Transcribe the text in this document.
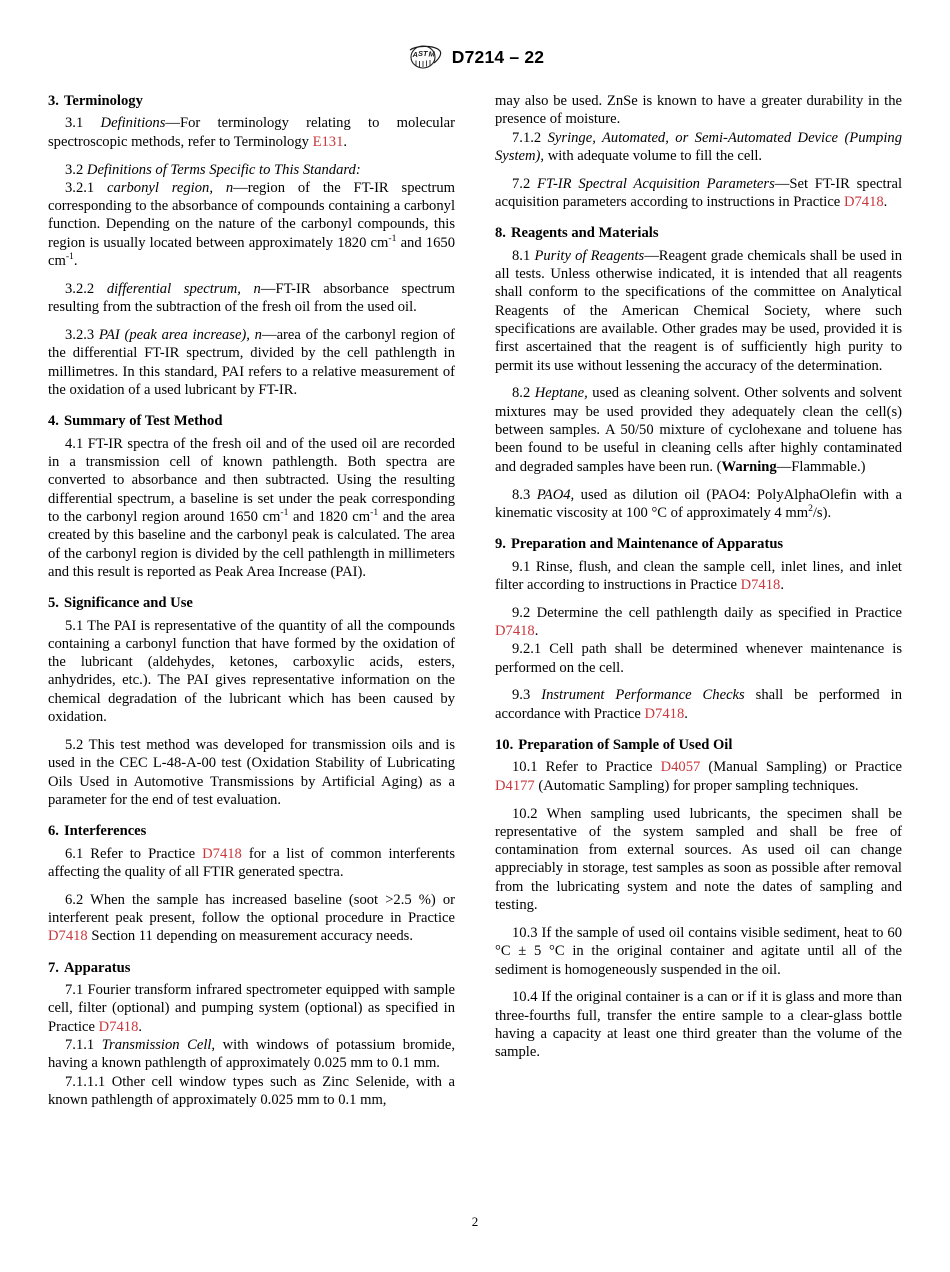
A S T M D7214 – 22
3. Terminology

3.1 Definitions—For terminology relating to molecular spectroscopic methods, refer to Terminology E131.

3.2 Definitions of Terms Specific to This Standard:

3.2.1 carbonyl region, n—region of the FT-IR spectrum corresponding to the absorbance of compounds containing a carbonyl function. Depending on the nature of the carbonyl compounds, this region is usually located between approximately 1820 $cm^{-1}$ and 1650 $cm^{-1}$.

3.2.2 differential spectrum, n—FT-IR absorbance spectrum resulting from the subtraction of the fresh oil from the used oil.

3.2.3 PAI (peak area increase), n—area of the carbonyl region of the differential FT-IR spectrum, divided by the cell pathlength in millimetres. In this standard, PAI refers to a relative measurement of the oxidation of a used lubricant by FT-IR.

4. Summary of Test Method

4.1 FT-IR spectra of the fresh oil and of the used oil are recorded in a transmission cell of known pathlength. Both spectra are converted to absorbance and then subtracted. Using the resulting differential spectrum, a baseline is set under the peak corresponding to the carbonyl region around 1650 $cm^{-1}$ and 1820 $cm^{-1}$ and the area created by this baseline and the carbonyl peak is calculated. The area of the carbonyl region is divided by the cell pathlength in millimeters and this result is reported as Peak Area Increase (PAI).

5. Significance and Use

5.1 The PAI is representative of the quantity of all the compounds containing a carbonyl function that have formed by the oxidation of the lubricant (aldehydes, ketones, carboxylic acids, esters, anhydrides, etc.). The PAI gives representative information on the chemical degradation of the lubricant which has been caused by oxidation.

5.2 This test method was developed for transmission oils and is used in the CEC L-48-A-00 test (Oxidation Stability of Lubricating Oils Used in Automotive Transmissions by Artificial Aging) as a parameter for the end of test evaluation.

6. Interferences

6.1 Refer to Practice D7418 for a list of common interferents affecting the quality of all FTIR generated spectra.

6.2 When the sample has increased baseline (soot >2.5 %) or interferent peak present, follow the optional procedure in Practice D7418 Section 11 depending on measurement accuracy needs.

7. Apparatus

7.1 Fourier transform infrared spectrometer equipped with sample cell, filter (optional) and pumping system (optional) as specified in Practice D7418.

7.1.1 Transmission Cell, with windows of potassium bromide, having a known pathlength of approximately 0.025 mm to 0.1 mm.

7.1.1.1 Other cell window types such as Zinc Selenide, with a known pathlength of approximately 0.025 mm to 0.1 mm,

may also be used. ZnSe is known to have a greater durability in the presence of moisture.

7.1.2 Syringe, Automated, or Semi-Automated Device (Pumping System), with adequate volume to fill the cell.

7.2 FT-IR Spectral Acquisition Parameters—Set FT-IR spectral acquisition parameters according to instructions in Practice D7418.

8. Reagents and Materials

8.1 Purity of Reagents—Reagent grade chemicals shall be used in all tests. Unless otherwise indicated, it is intended that all reagents shall conform to the specifications of the committee on Analytical Reagents of the American Chemical Society, where such specifications are available. Other grades may be used, provided it is first ascertained that the reagent is of sufficiently high purity to permit its use without lessening the accuracy of the determination.

8.2 Heptane, used as cleaning solvent. Other solvents and solvent mixtures may be used provided they adequately clean the cell(s) between samples. A 50/50 mixture of cyclohexane and toluene has been found to be useful in cleaning cells after highly contaminated and degraded samples have been run. (Warning—Flammable.)

8.3 PAO4, used as dilution oil (PAO4: PolyAlphaOlefin with a kinematic viscosity at 100 °C of approximately 4 $mm^2/s$).

9. Preparation and Maintenance of Apparatus

9.1 Rinse, flush, and clean the sample cell, inlet lines, and inlet filter according to instructions in Practice D7418.

9.2 Determine the cell pathlength daily as specified in Practice D7418.

9.2.1 Cell path shall be determined whenever maintenance is performed on the cell.

9.3 Instrument Performance Checks shall be performed in accordance with Practice D7418.

10. Preparation of Sample of Used Oil

10.1 Refer to Practice D4057 (Manual Sampling) or Practice D4177 (Automatic Sampling) for proper sampling techniques.

10.2 When sampling used lubricants, the specimen shall be representative of the system sampled and shall be free of contamination from external sources. As used oil can change appreciably in storage, test samples as soon as possible after removal from the lubricating system and note the dates of sampling and testing.

10.3 If the sample of used oil contains visible sediment, heat to 60 °C ± 5 °C in the original container and agitate until all of the sediment is homogeneously suspended in the oil.

10.4 If the original container is a can or if it is glass and more than three-fourths full, transfer the entire sample to a clear-glass bottle having a capacity at least one third greater than the volume of the sample.

2
